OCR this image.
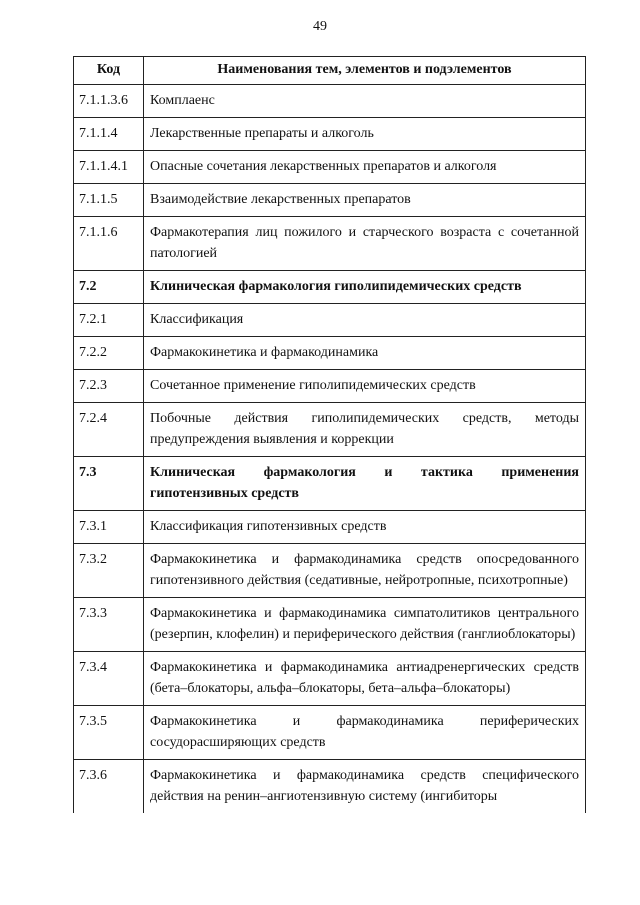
49
Код	Наименования тем, элементов и подэлементов
7.1.1.3.6	Комплаенс
7.1.1.4	Лекарственные препараты и алкоголь
7.1.1.4.1	Опасные сочетания лекарственных препаратов и алкоголя
7.1.1.5	Взаимодействие лекарственных препаратов
7.1.1.6	Фармакотерапия лиц пожилого и старческого возраста с сочетанной патологией
7.2	Клиническая фармакология гиполипидемических средств
7.2.1	Классификация
7.2.2	Фармакокинетика и фармакодинамика
7.2.3	Сочетанное применение гиполипидемических средств
7.2.4	Побочные действия гиполипидемических средств, методы предупреждения выявления и коррекции
7.3	Клиническая фармакология и тактика применения гипотензивных средств
7.3.1	Классификация гипотензивных средств
7.3.2	Фармакокинетика и фармакодинамика средств опосредованного гипотензивного действия (седативные, нейротропные, психотропные)
7.3.3	Фармакокинетика и фармакодинамика симпатолитиков центрального (резерпин, клофелин) и периферического действия (ганглиоблокаторы)
7.3.4	Фармакокинетика и фармакодинамика антиадренергических средств (бета–блокаторы, альфа–блокаторы, бета–альфа–блокаторы)
7.3.5	Фармакокинетика и фармакодинамика периферических сосудорасширяющих средств
7.3.6	Фармакокинетика и фармакодинамика средств специфического действия на ренин–ангиотензивную систему (ингибиторы
